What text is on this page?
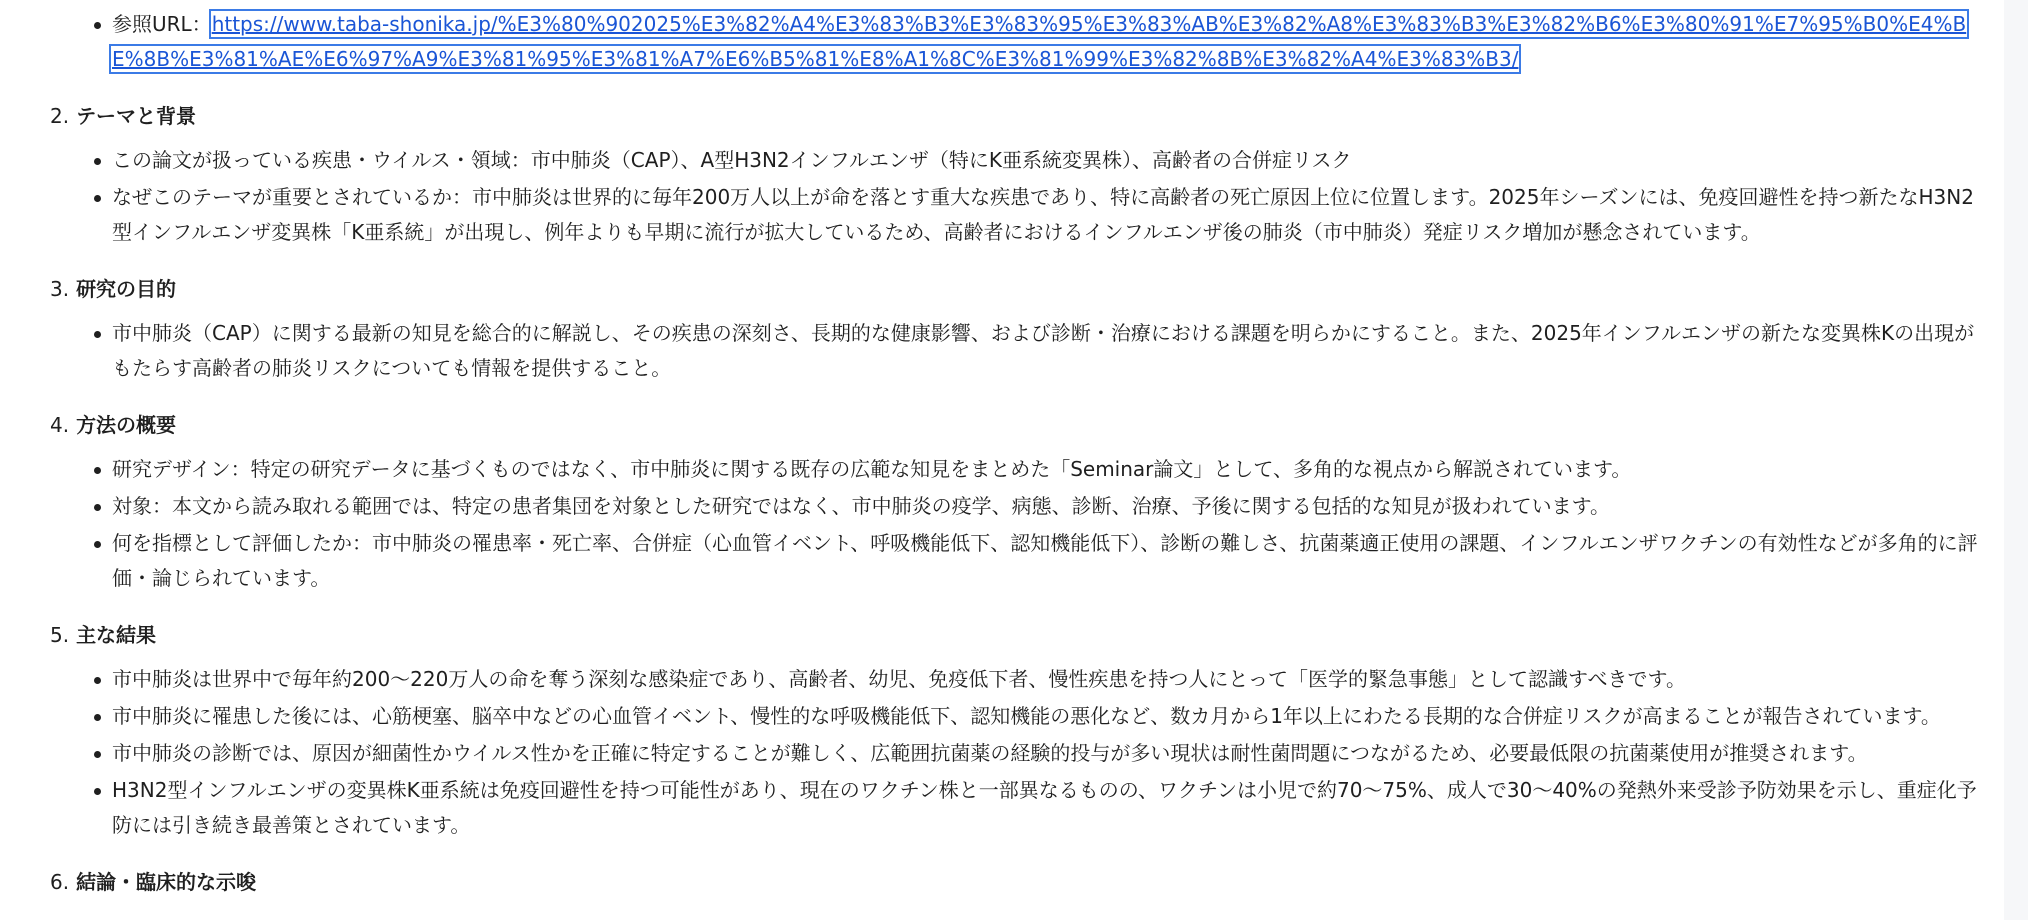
参照URL：https://www.taba-shonika.jp/%E3%80%902025%E3%82%A4%E3%83%B3%E3%83%95%E3%83%AB%E3%82%A8%E3%83%B3%E3%82%B6%E3%80%91%E7%95%B0%E4%BE%8B%E3%81%AE%E6%97%A9%E3%81%95%E3%81%A7%E6%B5%81%E8%A1%8C%E3%81%99%E3%82%8B%E3%82%A4%E3%83%B3/
2. テーマと背景
この論文が扱っている疾患・ウイルス・領域：市中肺炎（CAP）、A型H3N2インフルエンザ（特にK亜系統変異株）、高齢者の合併症リスク
なぜこのテーマが重要とされているか：市中肺炎は世界的に毎年200万人以上が命を落とす重大な疾患であり、特に高齢者の死亡原因上位に位置します。2025年シーズンには、免疫回避性を持つ新たなH3N2型インフルエンザ変異株「K亜系統」が出現し、例年よりも早期に流行が拡大しているため、高齢者におけるインフルエンザ後の肺炎（市中肺炎）発症リスク増加が懸念されています。
3. 研究の目的
市中肺炎（CAP）に関する最新の知見を総合的に解説し、その疾患の深刻さ、長期的な健康影響、および診断・治療における課題を明らかにすること。また、2025年インフルエンザの新たな変異株Kの出現がもたらす高齢者の肺炎リスクについても情報を提供すること。
4. 方法の概要
研究デザイン：特定の研究データに基づくものではなく、市中肺炎に関する既存の広範な知見をまとめた「Seminar論文」として、多角的な視点から解説されています。
対象：本文から読み取れる範囲では、特定の患者集団を対象とした研究ではなく、市中肺炎の疫学、病態、診断、治療、予後に関する包括的な知見が扱われています。
何を指標として評価したか：市中肺炎の罹患率・死亡率、合併症（心血管イベント、呼吸機能低下、認知機能低下）、診断の難しさ、抗菌薬適正使用の課題、インフルエンザワクチンの有効性などが多角的に評価・論じられています。
5. 主な結果
市中肺炎は世界中で毎年約200〜220万人の命を奪う深刻な感染症であり、高齢者、幼児、免疫低下者、慢性疾患を持つ人にとって「医学的緊急事態」として認識すべきです。
市中肺炎に罹患した後には、心筋梗塞、脳卒中などの心血管イベント、慢性的な呼吸機能低下、認知機能の悪化など、数カ月から1年以上にわたる長期的な合併症リスクが高まることが報告されています。
市中肺炎の診断では、原因が細菌性かウイルス性かを正確に特定することが難しく、広範囲抗菌薬の経験的投与が多い現状は耐性菌問題につながるため、必要最低限の抗菌薬使用が推奨されます。
H3N2型インフルエンザの変異株K亜系統は免疫回避性を持つ可能性があり、現在のワクチン株と一部異なるものの、ワクチンは小児で約70〜75%、成人で30〜40%の発熱外来受診予防効果を示し、重症化予防には引き続き最善策とされています。
6. 結論・臨床的な示唆
